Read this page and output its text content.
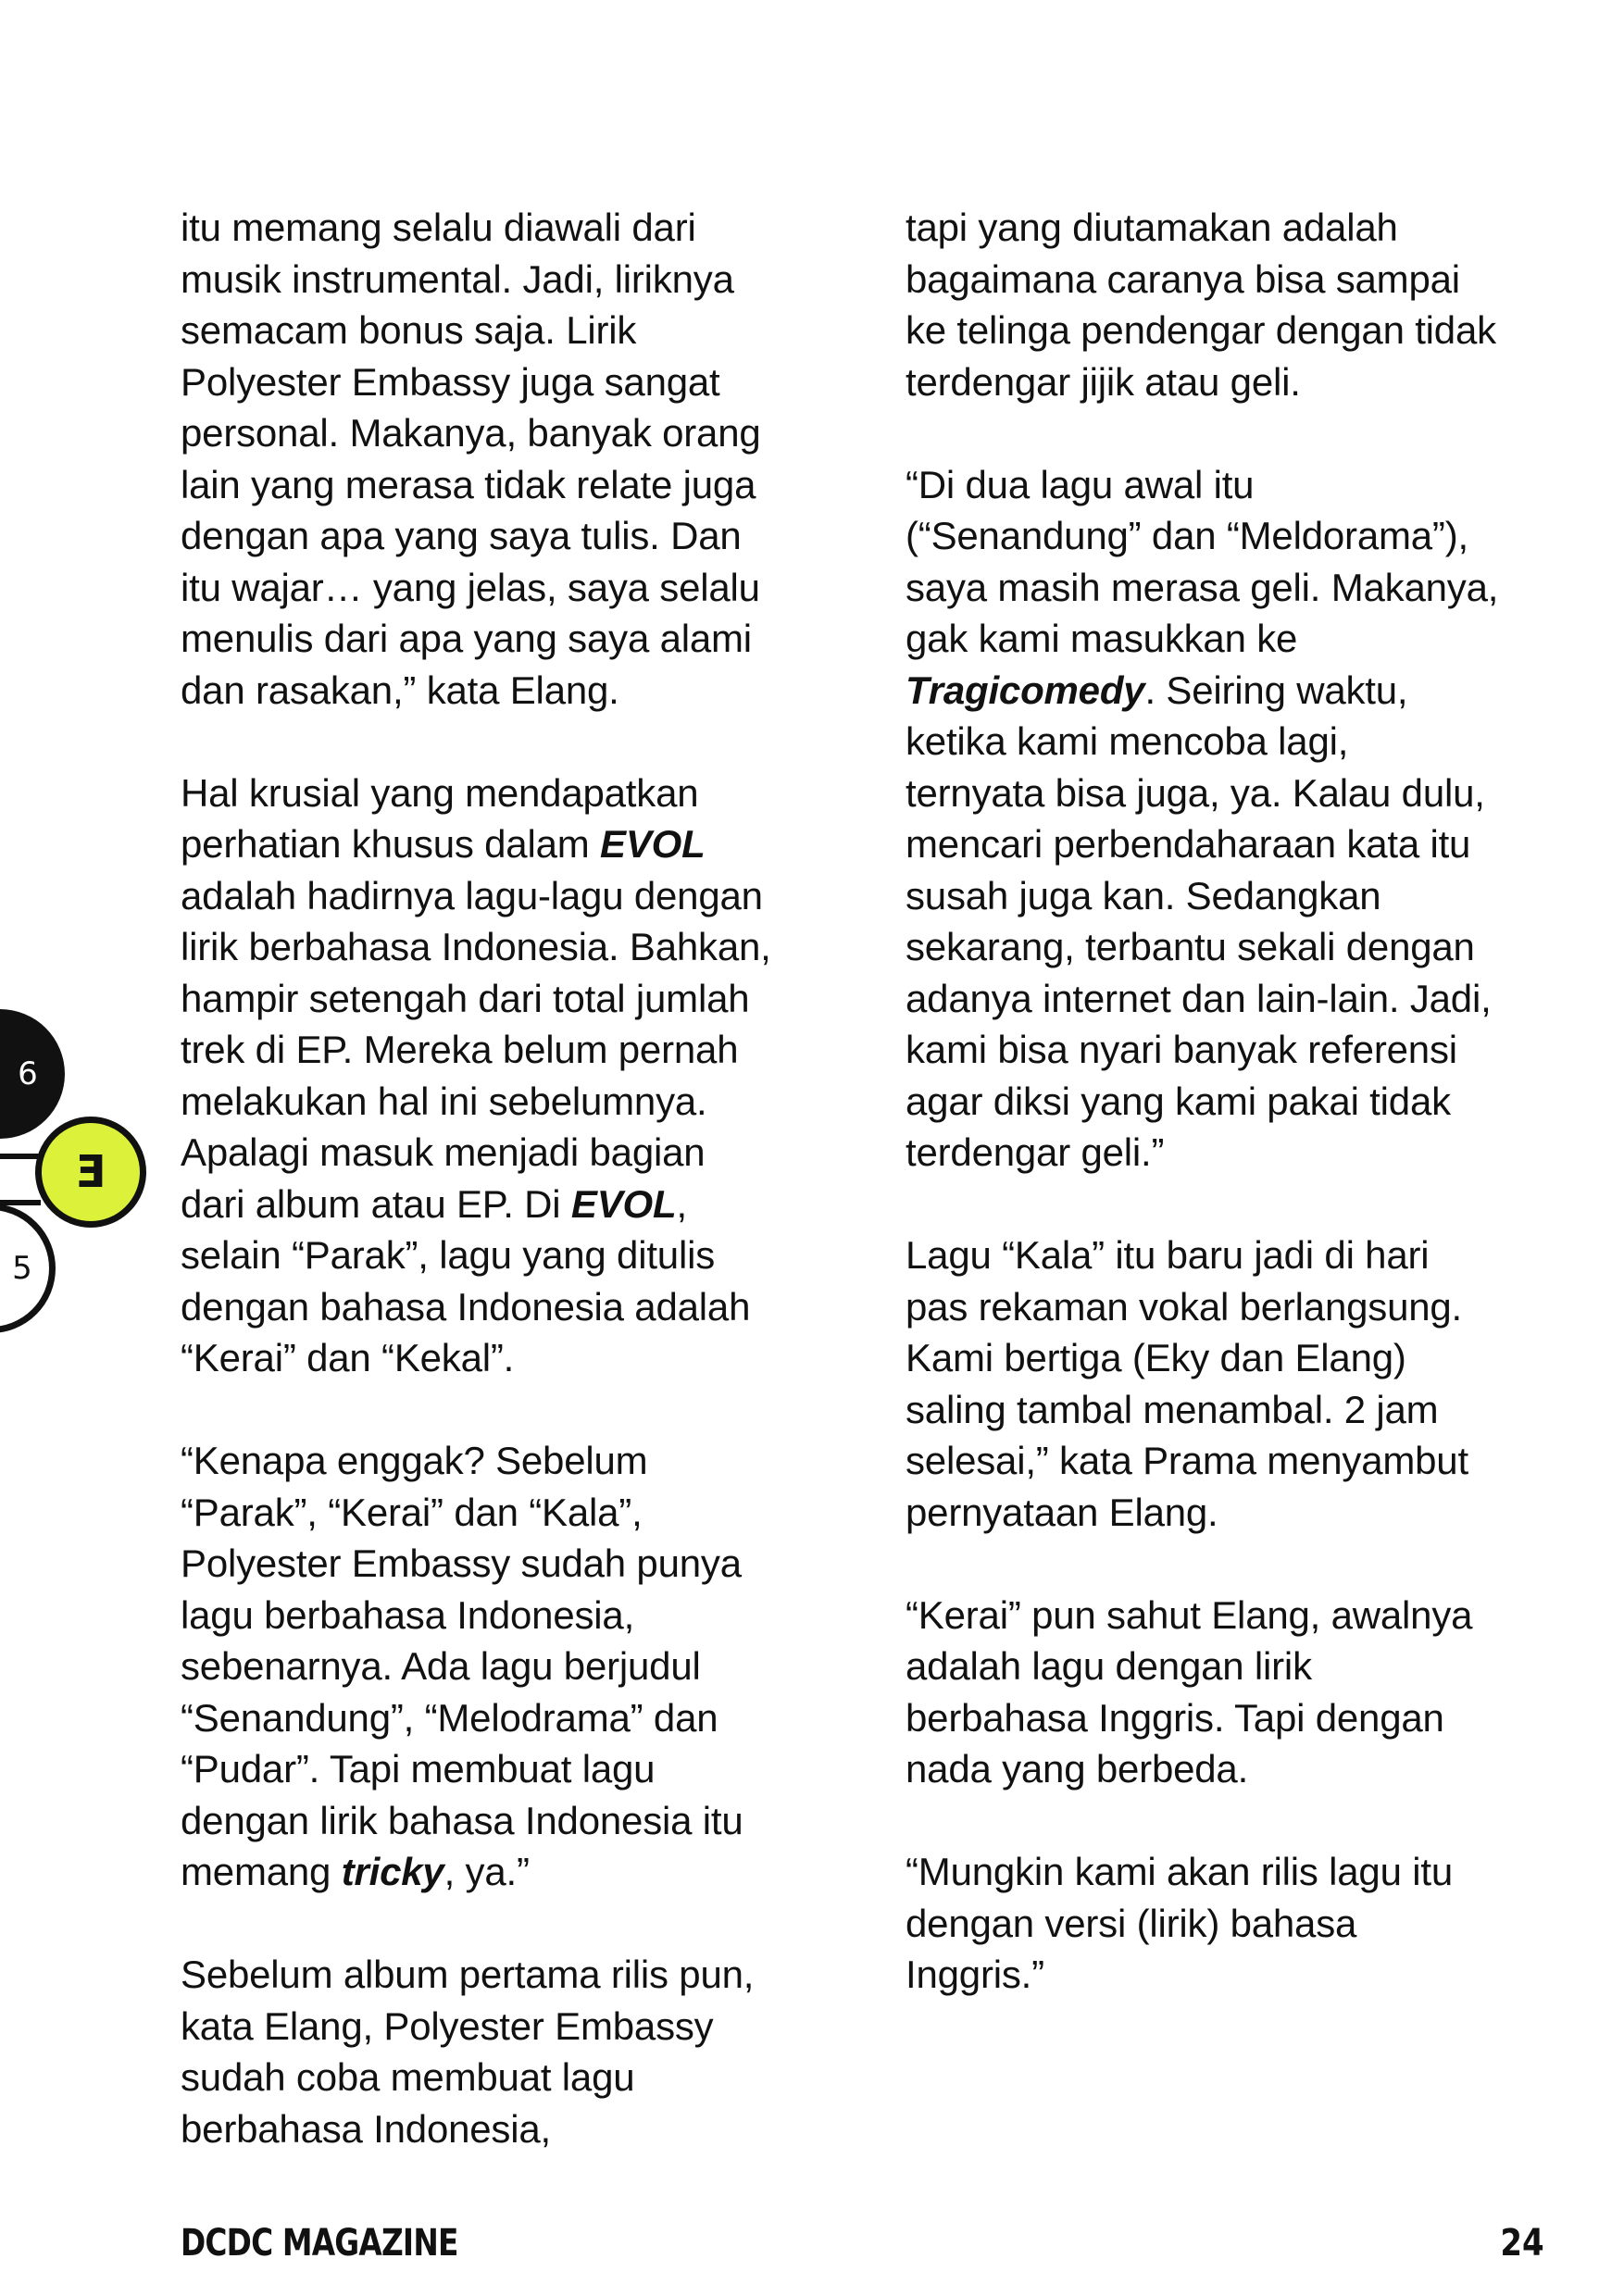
6
E
5

itu memang selalu diawali dari
musik instrumental. Jadi, liriknya
semacam bonus saja. Lirik
Polyester Embassy juga sangat
personal. Makanya, banyak orang
lain yang merasa tidak relate juga
dengan apa yang saya tulis. Dan
itu wajar… yang jelas, saya selalu
menulis dari apa yang saya alami
dan rasakan,” kata Elang.

Hal krusial yang mendapatkan
perhatian khusus dalam EVOL
adalah hadirnya lagu-lagu dengan
lirik berbahasa Indonesia. Bahkan,
hampir setengah dari total jumlah
trek di EP. Mereka belum pernah
melakukan hal ini sebelumnya.
Apalagi masuk menjadi bagian
dari album atau EP. Di EVOL,
selain “Parak”, lagu yang ditulis
dengan bahasa Indonesia adalah
“Kerai” dan “Kekal”.

“Kenapa enggak? Sebelum
“Parak”, “Kerai” dan “Kala”,
Polyester Embassy sudah punya
lagu berbahasa Indonesia,
sebenarnya. Ada lagu berjudul
“Senandung”, “Melodrama” dan
“Pudar”. Tapi membuat lagu
dengan lirik bahasa Indonesia itu
memang tricky, ya.”

Sebelum album pertama rilis pun,
kata Elang, Polyester Embassy
sudah coba membuat lagu
berbahasa Indonesia,

tapi yang diutamakan adalah
bagaimana caranya bisa sampai
ke telinga pendengar dengan tidak
terdengar jijik atau geli.

“Di dua lagu awal itu
(“Senandung” dan “Meldorama”),
saya masih merasa geli. Makanya,
gak kami masukkan ke
Tragicomedy. Seiring waktu,
ketika kami mencoba lagi,
ternyata bisa juga, ya. Kalau dulu,
mencari perbendaharaan kata itu
susah juga kan. Sedangkan
sekarang, terbantu sekali dengan
adanya internet dan lain-lain. Jadi,
kami bisa nyari banyak referensi
agar diksi yang kami pakai tidak
terdengar geli.”

Lagu “Kala” itu baru jadi di hari
pas rekaman vokal berlangsung.
Kami bertiga (Eky dan Elang)
saling tambal menambal. 2 jam
selesai,” kata Prama menyambut
pernyataan Elang.

“Kerai” pun sahut Elang, awalnya
adalah lagu dengan lirik
berbahasa Inggris. Tapi dengan
nada yang berbeda.

“Mungkin kami akan rilis lagu itu
dengan versi (lirik) bahasa
Inggris.”

DCDC MAGAZINE	24
